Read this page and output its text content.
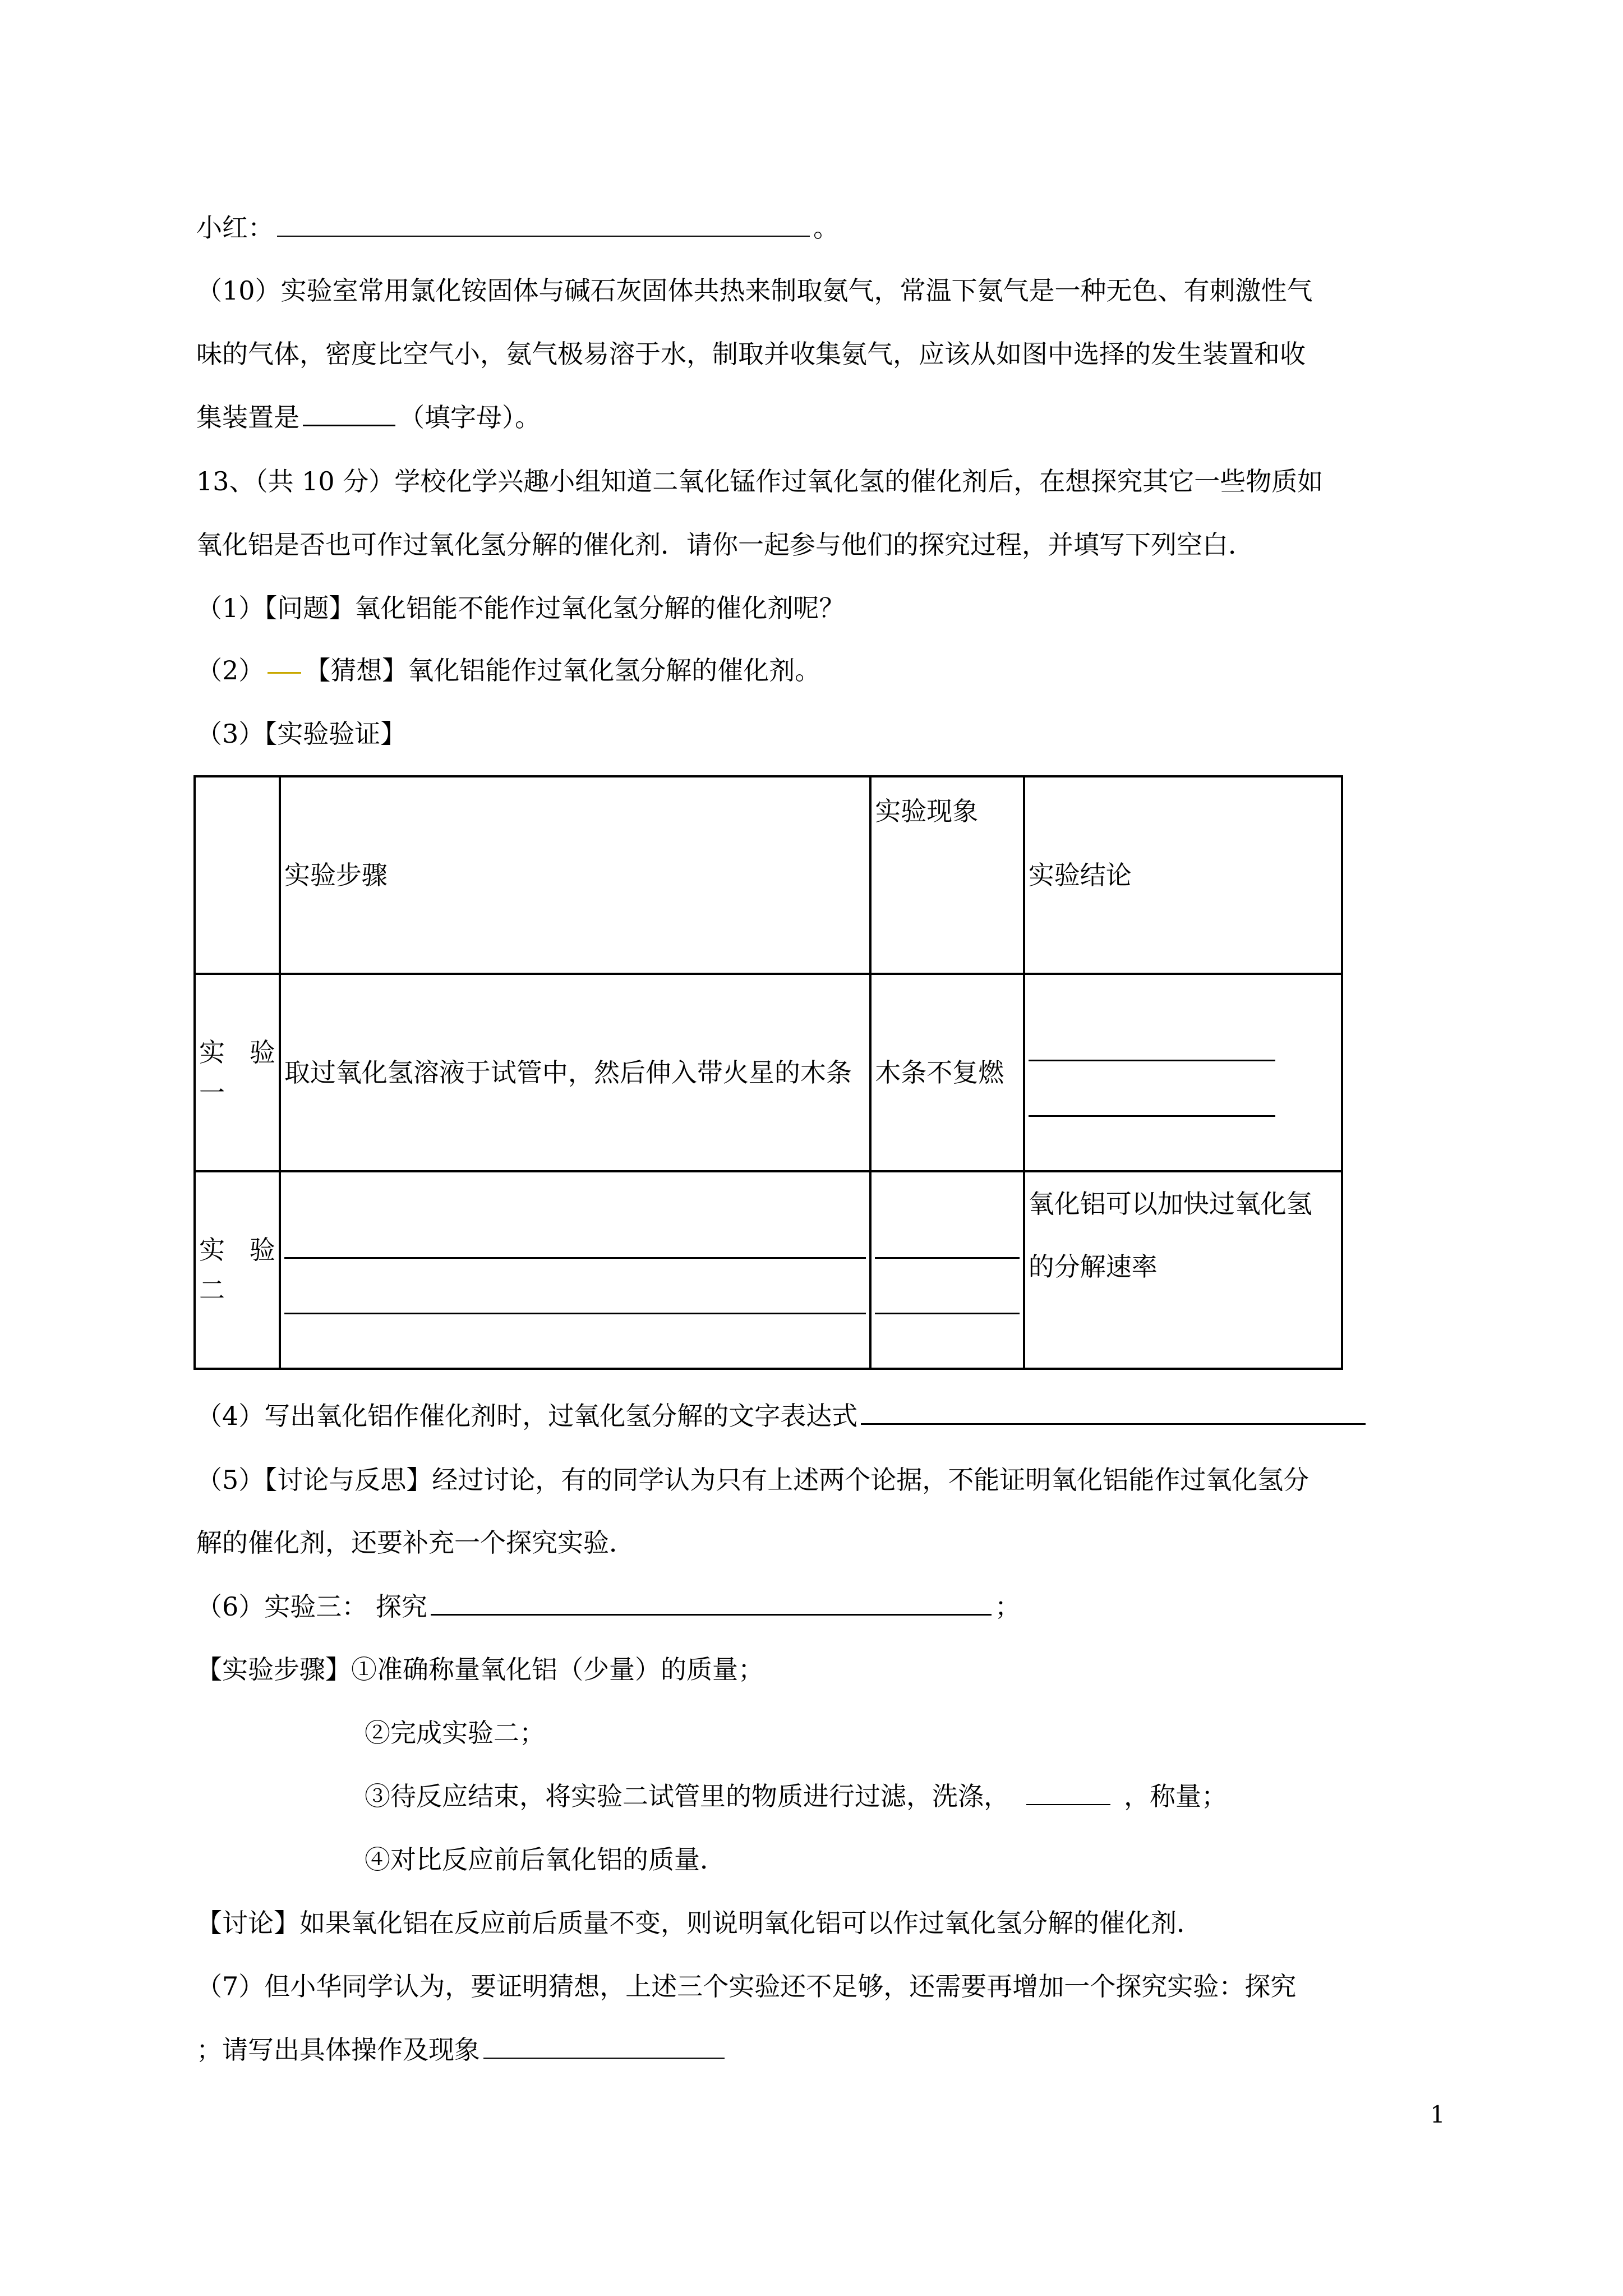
小红：	。
（10）实验室常用氯化铵固体与碱石灰固体共热来制取氨气，常温下氨气是一种无色、有刺激性气
味的气体，密度比空气小，氨气极易溶于水，制取并收集氨气，应该从如图中选择的发生装置和收
集装置是	（填字母）。
13、（共 10 分）学校化学兴趣小组知道二氧化锰作过氧化氢的催化剂后，在想探究其它一些物质如
氧化铝是否也可作过氧化氢分解的催化剂．请你一起参与他们的探究过程，并填写下列空白．
（1）【问题】氧化铝能不能作过氧化氢分解的催化剂呢？
（2） 【猜想】氧化铝能作过氧化氢分解的催化剂。
（3）【实验验证】
	实验步骤	实验现象	实验结论

实 验
一	取过氧化氢溶液于试管中，然后伸入带火星的木条	木条不复燃	

实 验
二			氧化铝可以加快过氧化氢的分解速率
（4）写出氧化铝作催化剂时，过氧化氢分解的文字表达式
（5）【讨论与反思】经过讨论，有的同学认为只有上述两个论据，不能证明氧化铝能作过氧化氢分
解的催化剂，还要补充一个探究实验．
（6）实验三： 探究	；
【实验步骤】①准确称量氧化铝（少量）的质量；
②完成实验二；
③待反应结束，将实验二试管里的物质进行过滤，洗涤，	，称量；
④对比反应前后氧化铝的质量．
【讨论】如果氧化铝在反应前后质量不变，则说明氧化铝可以作过氧化氢分解的催化剂．
（7）但小华同学认为，要证明猜想，上述三个实验还不足够，还需要再增加一个探究实验：探究
；请写出具体操作及现象
1
